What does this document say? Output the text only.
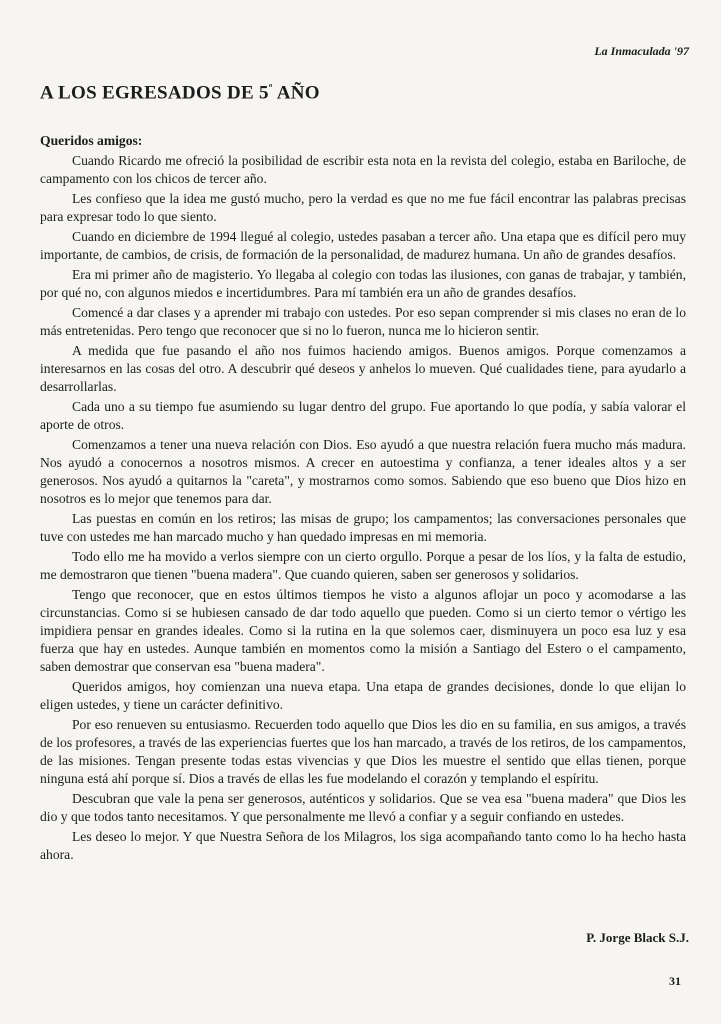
La Inmaculada '97
A LOS EGRESADOS DE $5^º$ AÑO

Queridos amigos:

Cuando Ricardo me ofreció la posibilidad de escribir esta nota en la revista del colegio, estaba en Bariloche, de campamento con los chicos de tercer año.

Les confieso que la idea me gustó mucho, pero la verdad es que no me fue fácil encontrar las palabras precisas para expresar todo lo que siento.

Cuando en diciembre de 1994 llegué al colegio, ustedes pasaban a tercer año. Una etapa que es difícil pero muy importante, de cambios, de crisis, de formación de la personalidad, de madurez humana. Un año de grandes desafíos.

Era mi primer año de magisterio. Yo llegaba al colegio con todas las ilusiones, con ganas de trabajar, y también, por qué no, con algunos miedos e incertidumbres. Para mí también era un año de grandes desafíos.

Comencé a dar clases y a aprender mi trabajo con ustedes. Por eso sepan comprender si mis clases no eran de lo más entretenidas. Pero tengo que reconocer que si no lo fueron, nunca me lo hicieron sentir.

A medida que fue pasando el año nos fuimos haciendo amigos. Buenos amigos. Porque comenzamos a interesarnos en las cosas del otro. A descubrir qué deseos y anhelos lo mueven. Qué cualidades tiene, para ayudarlo a desarrollarlas.

Cada uno a su tiempo fue asumiendo su lugar dentro del grupo. Fue aportando lo que podía, y sabía valorar el aporte de otros.

Comenzamos a tener una nueva relación con Dios. Eso ayudó a que nuestra relación fuera mucho más madura. Nos ayudó a conocernos a nosotros mismos. A crecer en autoestima y confianza, a tener ideales altos y a ser generosos. Nos ayudó a quitarnos la "careta", y mostrarnos como somos. Sabiendo que eso bueno que Dios hizo en nosotros es lo mejor que tenemos para dar.

Las puestas en común en los retiros; las misas de grupo; los campamentos; las conversaciones personales que tuve con ustedes me han marcado mucho y han quedado impresas en mi memoria.

Todo ello me ha movido a verlos siempre con un cierto orgullo. Porque a pesar de los líos, y la falta de estudio, me demostraron que tienen "buena madera". Que cuando quieren, saben ser generosos y solidarios.

Tengo que reconocer, que en estos últimos tiempos he visto a algunos aflojar un poco y acomodarse a las circunstancias. Como si se hubiesen cansado de dar todo aquello que pueden. Como si un cierto temor o vértigo les impidiera pensar en grandes ideales. Como si la rutina en la que solemos caer, disminuyera un poco esa luz y esa fuerza que hay en ustedes. Aunque también en momentos como la misión a Santiago del Estero o el campamento, saben demostrar que conservan esa "buena madera".

Queridos amigos, hoy comienzan una nueva etapa. Una etapa de grandes decisiones, donde lo que elijan lo eligen ustedes, y tiene un carácter definitivo.

Por eso renueven su entusiasmo. Recuerden todo aquello que Dios les dio en su familia, en sus amigos, a través de los profesores, a través de las experiencias fuertes que los han marcado, a través de los retiros, de los campamentos, de las misiones. Tengan presente todas estas vivencias y que Dios les muestre el sentido que ellas tienen, porque ninguna está ahí porque sí. Dios a través de ellas les fue modelando el corazón y templando el espíritu.

Descubran que vale la pena ser generosos, auténticos y solidarios. Que se vea esa "buena madera" que Dios les dio y que todos tanto necesitamos. Y que personalmente me llevó a confiar y a seguir confiando en ustedes.

Les deseo lo mejor. Y que Nuestra Señora de los Milagros, los siga acompañando tanto como lo ha hecho hasta ahora.

P. Jorge Black S.J.
31
